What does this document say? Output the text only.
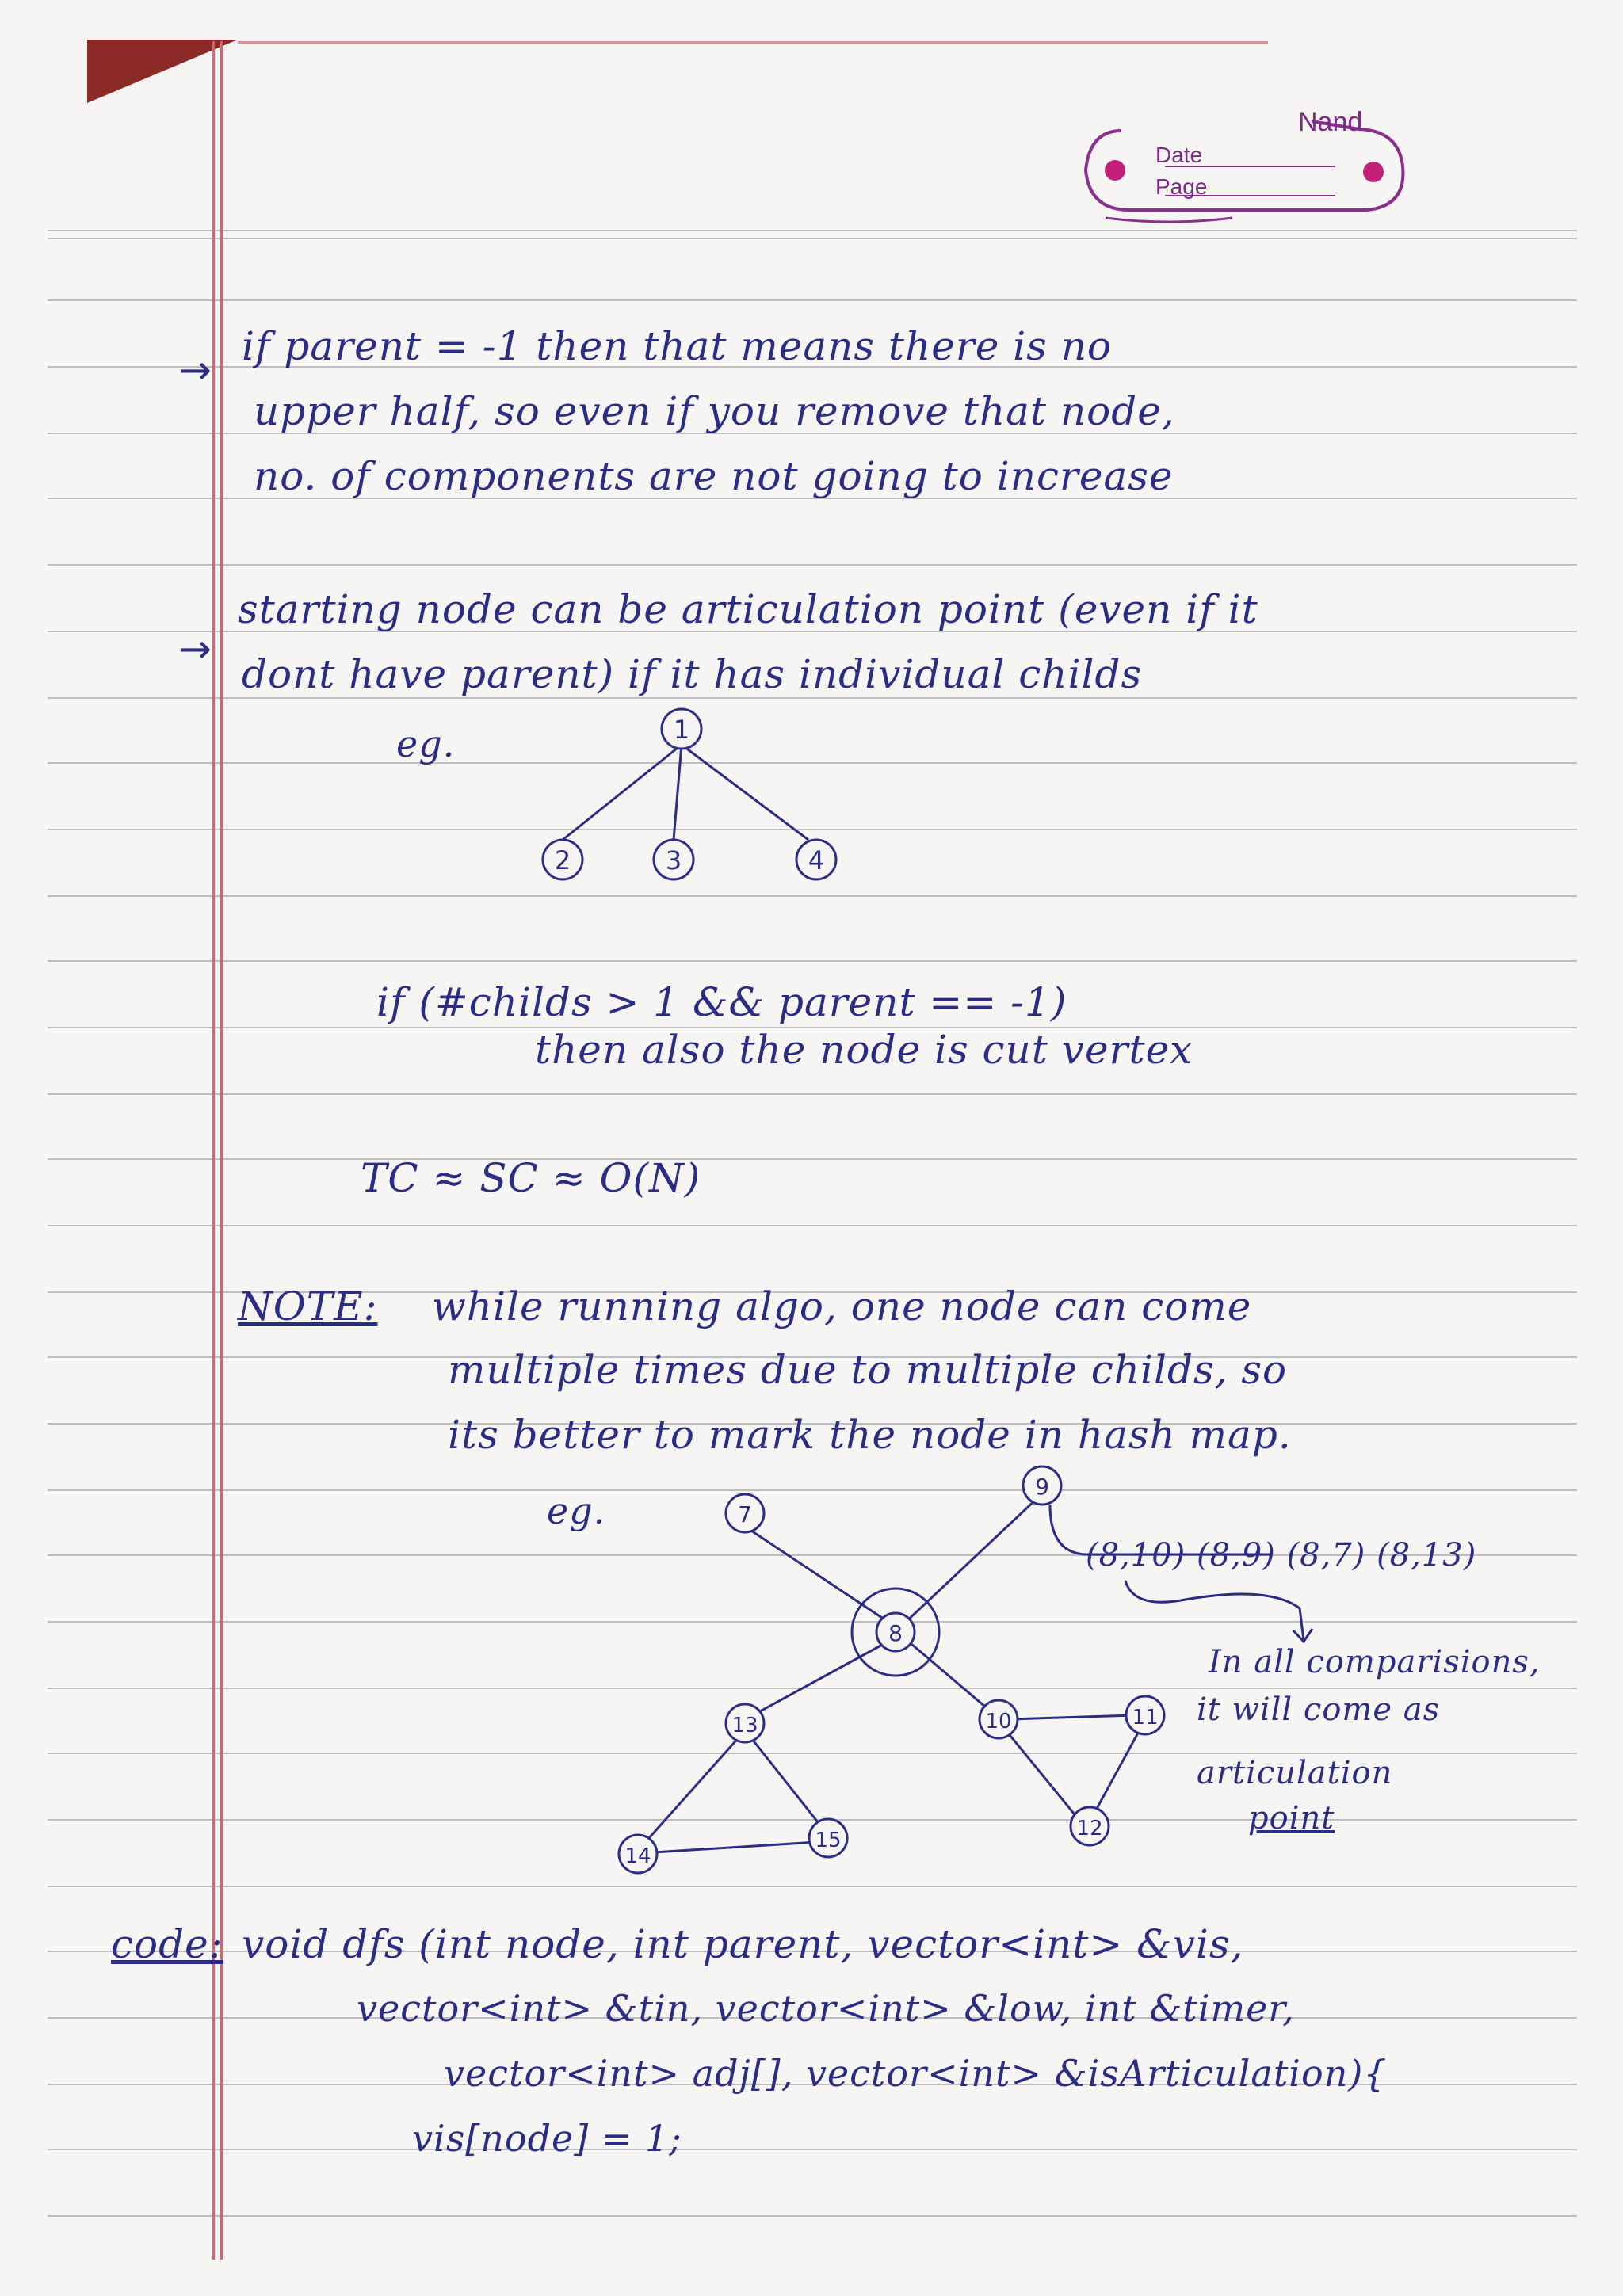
Nand
Date
Page
→
if parent = -1 then that means there is no
upper half, so even if you remove that node,
no. of components are not going to increase
→
starting node can be articulation point (even if it
dont have parent) if it has individual childs
eg.	1
2	3	4
if (#childs > 1 && parent == -1)
then also the node is cut vertex
TC ≈ SC ≈ O(N)
NOTE: while running algo, one node can come
multiple times due to multiple childs, so
its better to mark the node in hash map.
eg.	7
9
8
13	10	11
12
14
15
(8,10) (8,9) (8,7) (8,13)
In all comparisions,
it will come as
articulation
point
code: void dfs (int node, int parent, vector<int> &vis,
vector<int> &tin, vector<int> &low, int &timer,
vector<int> adj[], vector<int> &isArticulation){
vis[node] = 1;
